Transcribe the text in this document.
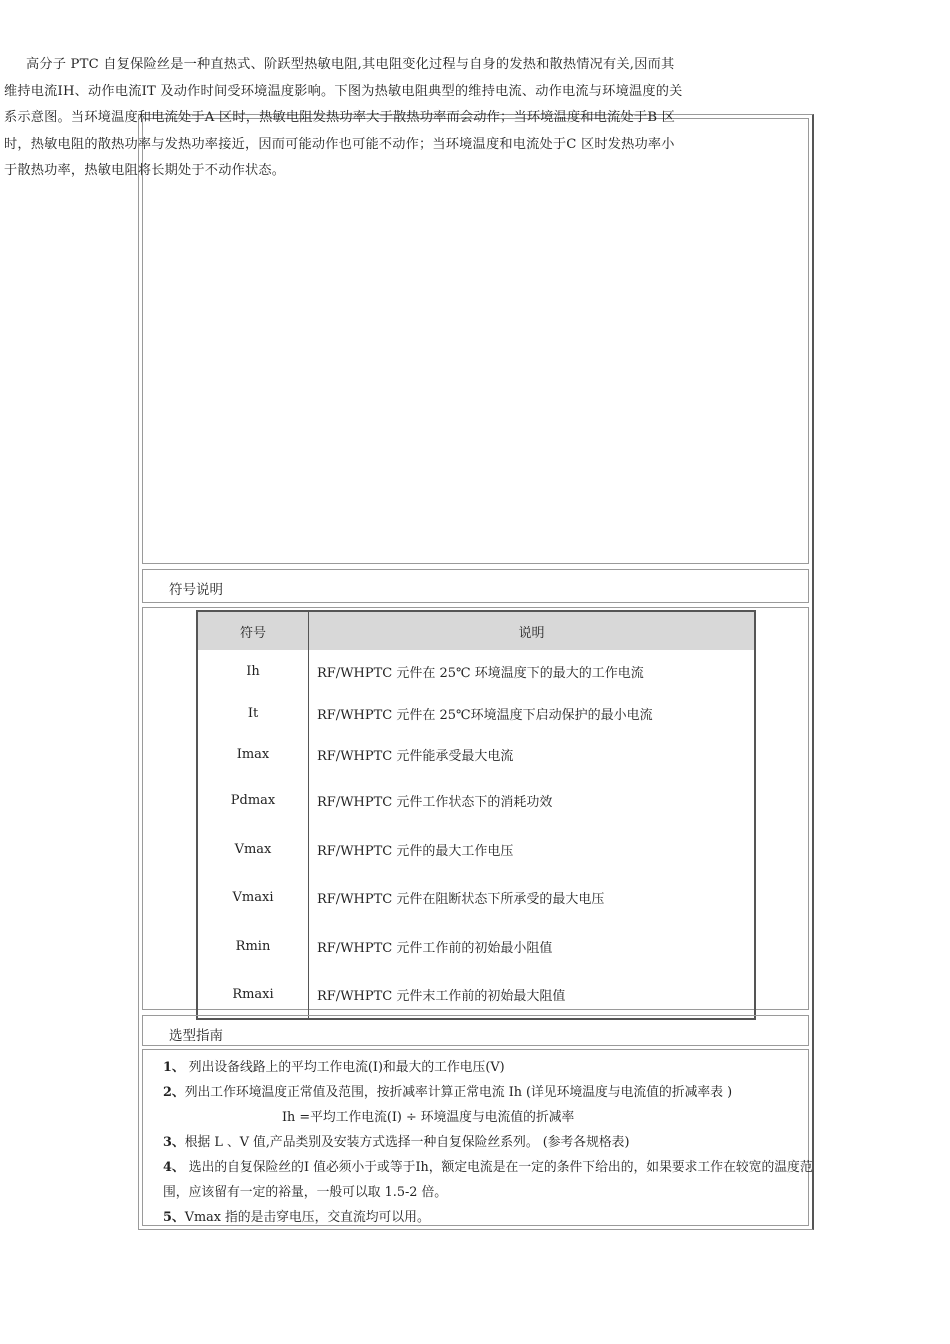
高分子 PTC 自复保险丝是一种直热式、阶跃型热敏电阻,其电阻变化过程与自身的发热和散热情况有关,因而其维持电流IH、动作电流IT 及动作时间受环境温度影响。下图为热敏电阻典型的维持电流、动作电流与环境温度的关系示意图。当环境温度和电流处于A 区时，热敏电阻发热功率大于散热功率而会动作；当环境温度和电流处于B 区时，热敏电阻的散热功率与发热功率接近，因而可能动作也可能不动作；当环境温度和电流处于C 区时发热功率小于散热功率，热敏电阻将长期处于不动作状态。

符号说明

符号	说明
Ih	RF/WHPTC 元件在 25℃ 环境温度下的最大的工作电流
It	RF/WHPTC 元件在 25℃环境温度下启动保护的最小电流
Imax	RF/WHPTC 元件能承受最大电流
Pdmax	RF/WHPTC 元件工作状态下的消耗功效
Vmax	RF/WHPTC 元件的最大工作电压
Vmaxi	RF/WHPTC 元件在阻断状态下所承受的最大电压
Rmin	RF/WHPTC 元件工作前的初始最小阻值
Rmaxi	RF/WHPTC 元件末工作前的初始最大阻值

选型指南

1、 列出设备线路上的平均工作电流(I)和最大的工作电压(V)
2、列出工作环境温度正常值及范围，按折减率计算正常电流 Ih (详见环境温度与电流值的折减率表 )
Ih =平均工作电流(I) ÷ 环境温度与电流值的折减率
3、根据 L 、V 值,产品类别及安装方式选择一种自复保险丝系列。 (参考各规格表)
4、 选出的自复保险丝的I 值必须小于或等于Ih，额定电流是在一定的条件下给出的，如果要求工作在较宽的温度范围，应该留有一定的裕量，一般可以取 1.5-2 倍。
5、Vmax 指的是击穿电压，交直流均可以用。
